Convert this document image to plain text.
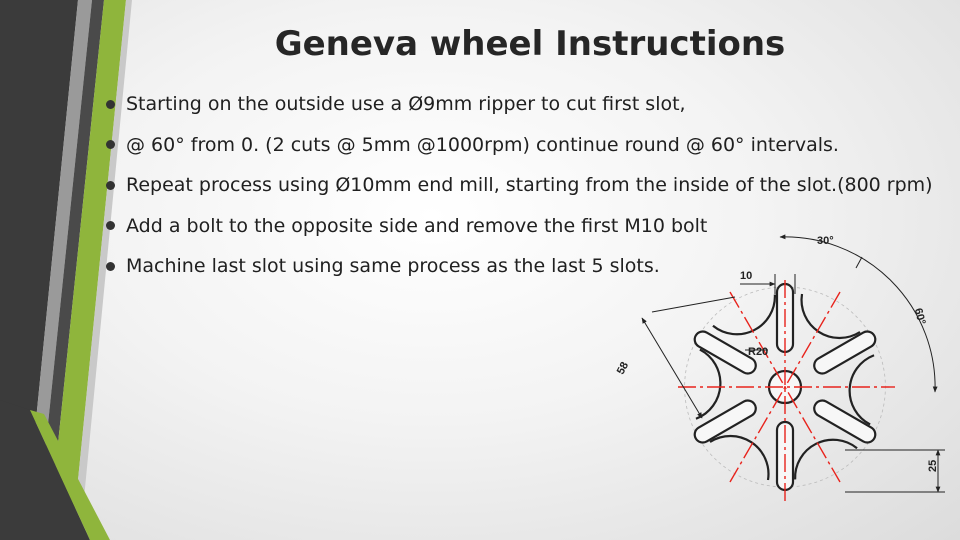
Geneva wheel Instructions
Starting on the outside use a Ø9mm ripper to cut first slot,
@ 60° from 0. (2 cuts @ 5mm @1000rpm) continue round @ 60° intervals.
Repeat process using Ø10mm end mill, starting from the inside of the slot.(800 rpm)
Add a bolt to the opposite side and remove the first M10 bolt
Machine last slot using same process as the last 5 slots.
30°
60°
10
R20
58
25
